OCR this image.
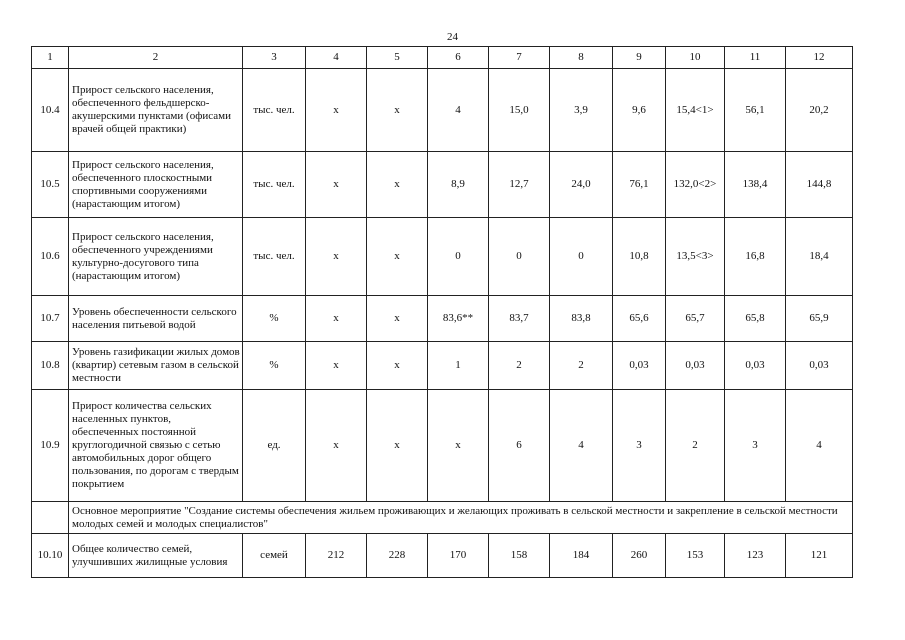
24
1	2	3	4	5	6	7	8	9	10	11	12
10.4	Прирост сельского населения, обеспеченного фельдшерско-акушерскими пунктами (офисами врачей общей практики)	тыс. чел.	х	х	4	15,0	3,9	9,6	15,4<1>	56,1	20,2
10.5	Прирост сельского населения, обеспеченного плоскостными спортивными сооружениями (нарастающим итогом)	тыс. чел.	х	х	8,9	12,7	24,0	76,1	132,0<2>	138,4	144,8
10.6	Прирост сельского населения, обеспеченного учреждениями культурно-досугового типа (нарастающим итогом)	тыс. чел.	х	х	0	0	0	10,8	13,5<3>	16,8	18,4
10.7	Уровень обеспеченности сельского населения питьевой водой	%	х	х	83,6**	83,7	83,8	65,6	65,7	65,8	65,9
10.8	Уровень газификации жилых домов (квартир) сетевым газом в сельской местности	%	х	х	1	2	2	0,03	0,03	0,03	0,03
10.9	Прирост количества сельских населенных пунктов, обеспеченных постоянной круглогодичной связью с сетью автомобильных дорог общего пользования, по дорогам с твердым покрытием	ед.	х	х	х	6	4	3	2	3	4
	Основное мероприятие "Создание системы обеспечения жильем проживающих и желающих проживать в сельской местности и закрепление в сельской местности молодых семей и молодых специалистов"										
10.10	Общее количество семей, улучшивших жилищные условия	семей	212	228	170	158	184	260	153	123	121
